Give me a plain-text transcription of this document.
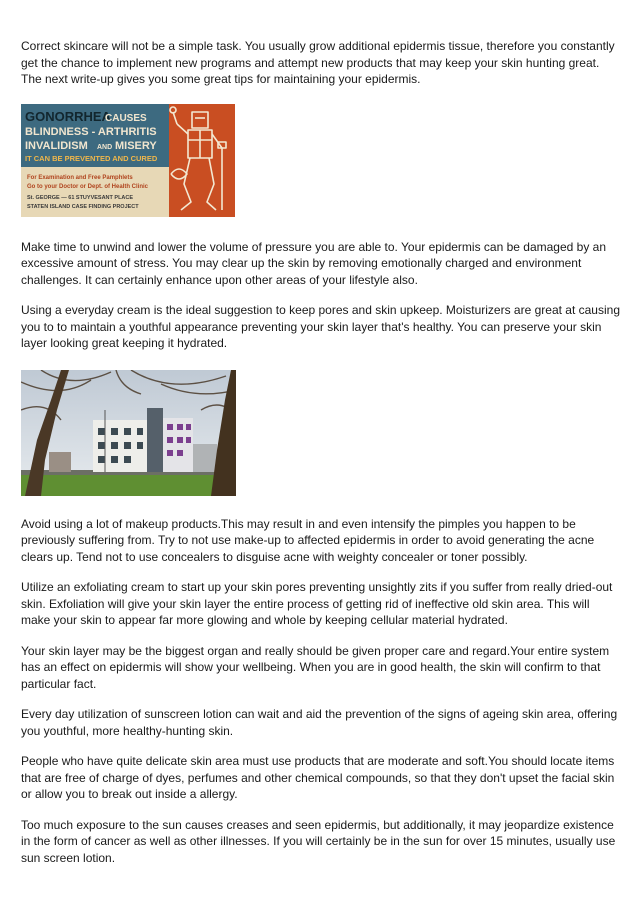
Correct skincare will not be a simple task. You usually grow additional epidermis tissue, therefore you constantly get the chance to implement new programs and attempt new products that may keep your skin hunting great. The next write-up gives you some great tips for maintaining your epidermis.

GONORRHEA
CAUSES
BLINDNESS - ARTHRITIS
INVALIDISM AND MISERY
IT CAN BE PREVENTED AND CURED
For Examination and Free Pamphlets
Go to your Doctor or Dept. of Health Clinic
St. GEORGE — 61 STUYVESANT PLACE
STATEN ISLAND CASE FINDING PROJECT

Make time to unwind and lower the volume of pressure you are able to. Your epidermis can be damaged by an excessive amount of stress. You may clear up the skin by removing emotionally charged and environment challenges. It can certainly enhance upon other areas of your lifestyle also.

Using a everyday cream is the ideal suggestion to keep pores and skin upkeep. Moisturizers are great at causing you to to maintain a youthful appearance preventing your skin layer that's healthy. You can preserve your skin layer looking great keeping it hydrated.

Avoid using a lot of makeup products.This may result in and even intensify the pimples you happen to be previously suffering from. Try to not use make-up to affected epidermis in order to avoid generating the acne clears up. Tend not to use concealers to disguise acne with weighty concealer or toner possibly.

Utilize an exfoliating cream to start up your skin pores preventing unsightly zits if you suffer from really dried-out skin. Exfoliation will give your skin layer the entire process of getting rid of ineffective old skin area. This will make your skin to appear far more glowing and whole by keeping cellular material hydrated.

Your skin layer may be the biggest organ and really should be given proper care and regard.Your entire system has an effect on epidermis will show your wellbeing. When you are in good health, the skin will confirm to that particular fact.

Every day utilization of sunscreen lotion can wait and aid the prevention of the signs of ageing skin area, offering you youthful, more healthy-hunting skin.

People who have quite delicate skin area must use products that are moderate and soft.You should locate items that are free of charge of dyes, perfumes and other chemical compounds, so that they don't upset the facial skin or allow you to break out inside a allergy.

Too much exposure to the sun causes creases and seen epidermis, but additionally, it may jeopardize existence in the form of cancer as well as other illnesses. If you will certainly be in the sun for over 15 minutes, usually use sun screen lotion.
